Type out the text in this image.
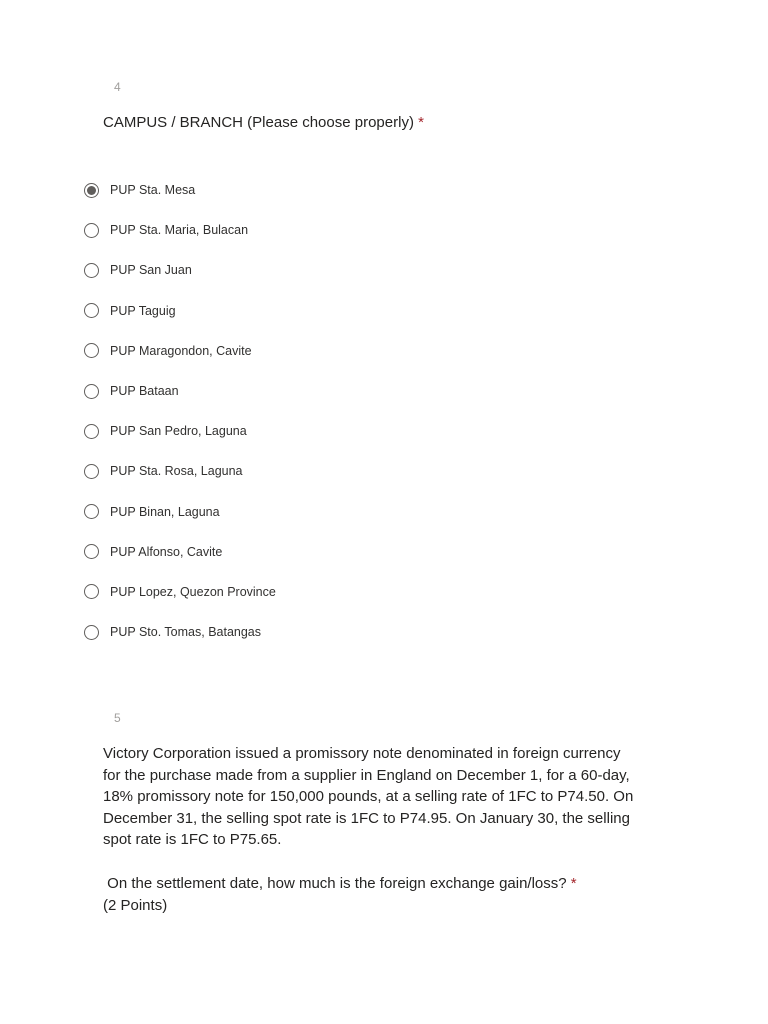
4
CAMPUS / BRANCH (Please choose properly) *
PUP Sta. Mesa
PUP Sta. Maria, Bulacan
PUP San Juan
PUP Taguig
PUP Maragondon, Cavite
PUP Bataan
PUP San Pedro, Laguna
PUP Sta. Rosa, Laguna
PUP Binan, Laguna
PUP Alfonso, Cavite
PUP Lopez, Quezon Province
PUP Sto. Tomas, Batangas
5

Victory Corporation issued a promissory note denominated in foreign currency

for the purchase made from a supplier in England on December 1, for a 60-day,

18% promissory note for 150,000 pounds, at a selling rate of 1FC to P74.50. On

December 31, the selling spot rate is 1FC to P74.95. On January 30, the selling

spot rate is 1FC to P75.65.

On the settlement date, how much is the foreign exchange gain/loss? *
(2 Points)
